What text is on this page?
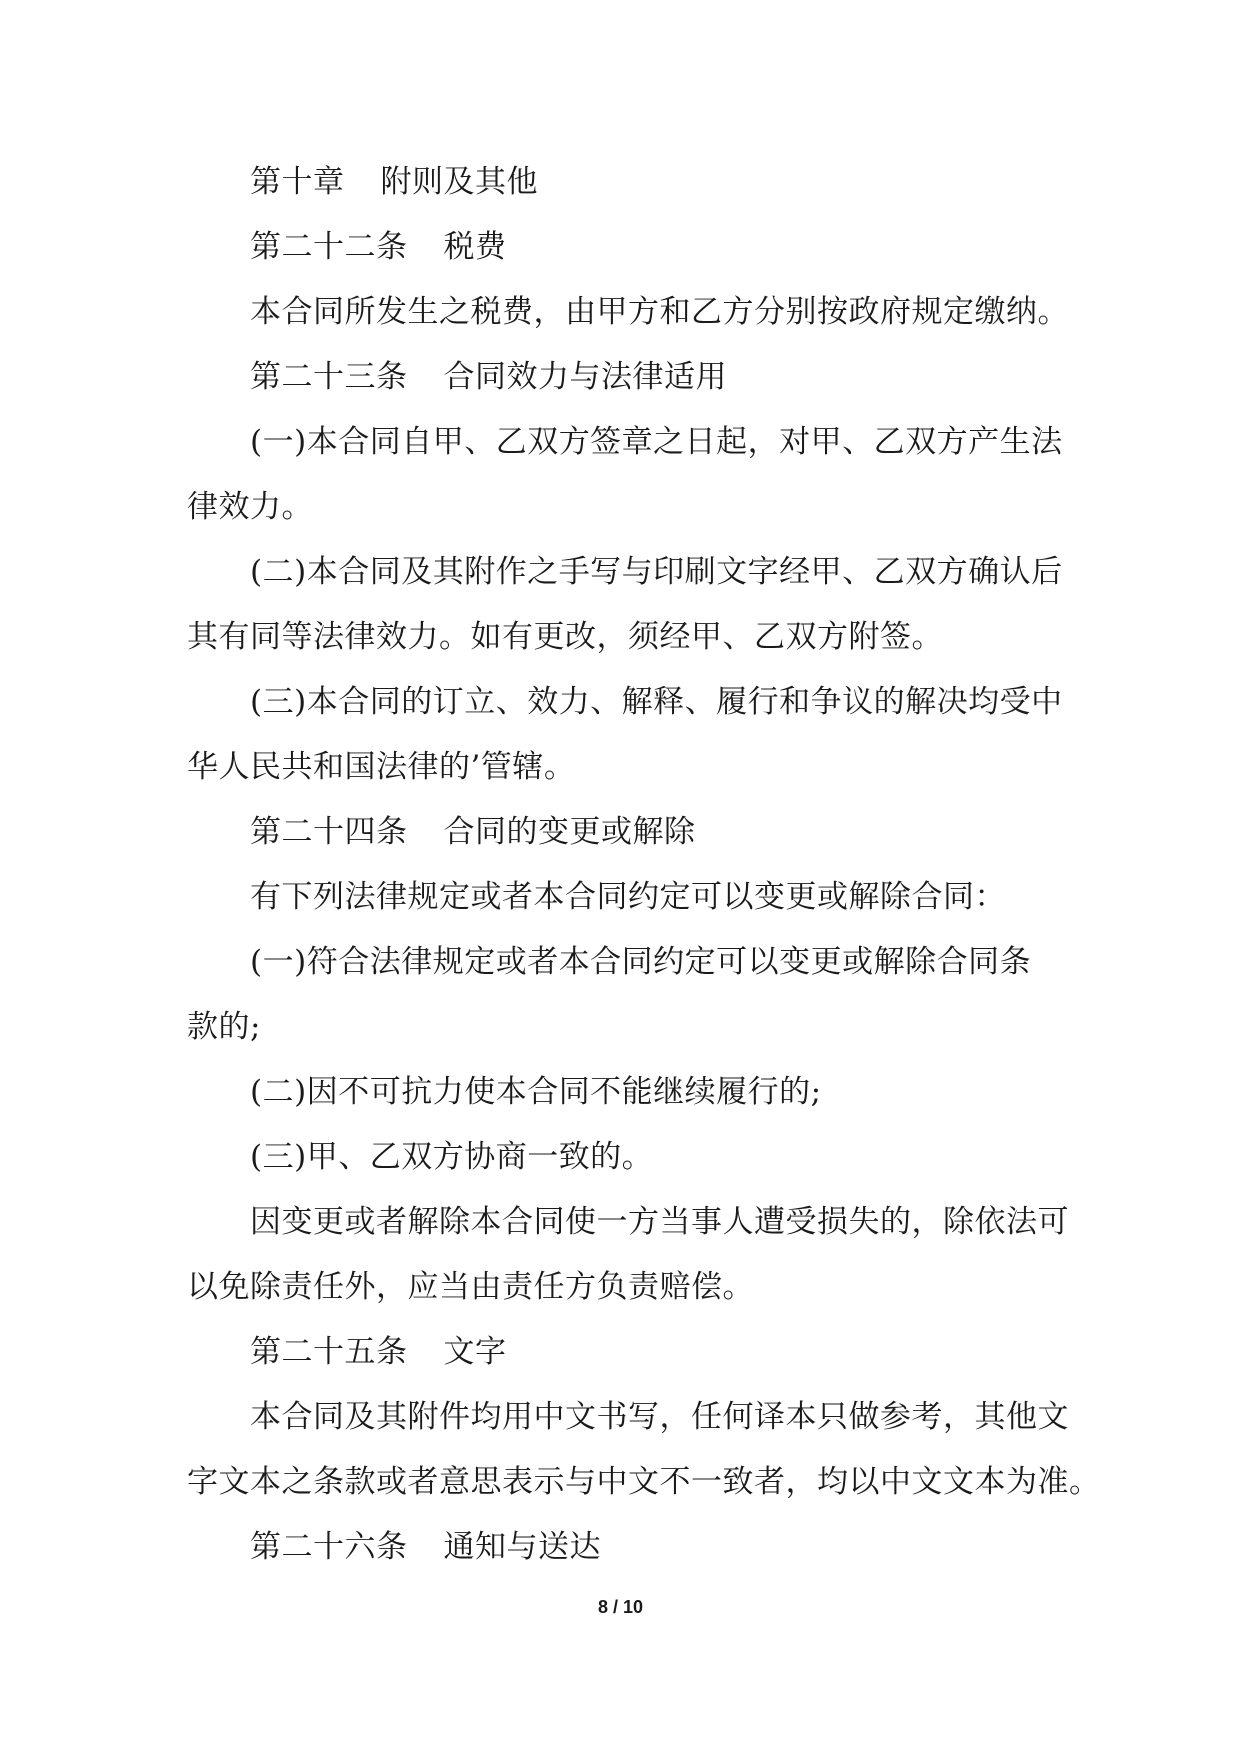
第十章 附则及其他
第二十二条 税费
本合同所发生之税费，由甲方和乙方分别按政府规定缴纳。
第二十三条 合同效力与法律适用
(一)本合同自甲、乙双方签章之日起，对甲、乙双方产生法
律效力。
(二)本合同及其附作之手写与印刷文字经甲、乙双方确认后
其有同等法律效力。如有更改，须经甲、乙双方附签。
(三)本合同的订立、效力、解释、履行和争议的解决均受中
华人民共和国法律的’管辖。
第二十四条 合同的变更或解除
有下列法律规定或者本合同约定可以变更或解除合同：
(一)符合法律规定或者本合同约定可以变更或解除合同条
款的;
(二)因不可抗力使本合同不能继续履行的;
(三)甲、乙双方协商一致的。
因变更或者解除本合同使一方当事人遭受损失的，除依法可
以免除责任外，应当由责任方负责赔偿。
第二十五条 文字
本合同及其附件均用中文书写，任何译本只做参考，其他文
字文本之条款或者意思表示与中文不一致者，均以中文文本为准。
第二十六条 通知与送达
8 / 10
